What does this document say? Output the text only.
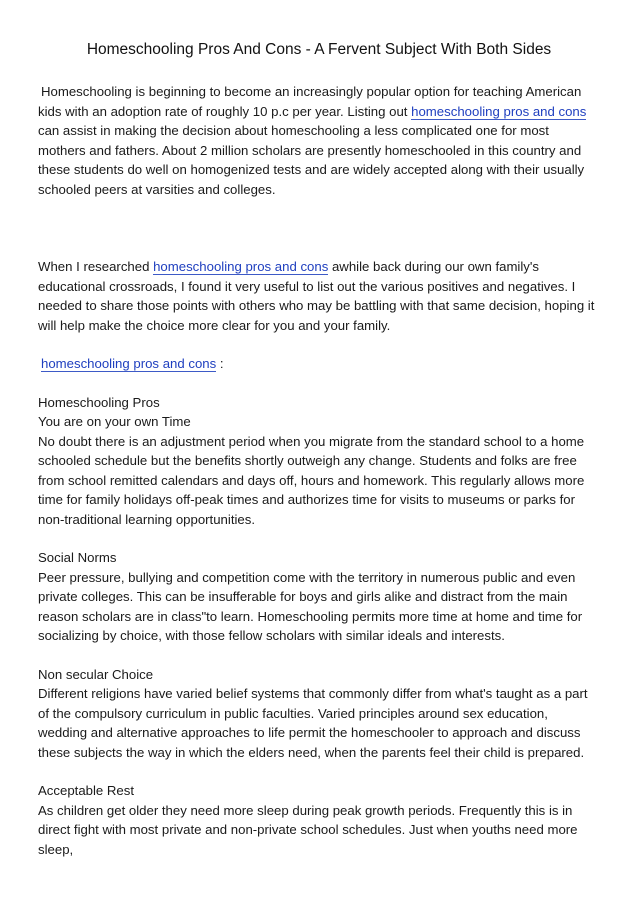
Homeschooling Pros And Cons - A Fervent Subject With Both Sides

Homeschooling is beginning to become an increasingly popular option for teaching American kids with an adoption rate of roughly 10 p.c per year. Listing out homeschooling pros and cons can assist in making the decision about homeschooling a less complicated one for most mothers and fathers. About 2 million scholars are presently homeschooled in this country and these students do well on homogenized tests and are widely accepted along with their usually schooled peers at varsities and colleges.

When I researched homeschooling pros and cons awhile back during our own family's educational crossroads, I found it very useful to list out the various positives and negatives. I needed to share those points with others who may be battling with that same decision, hoping it will help make the choice more clear for you and your family.

homeschooling pros and cons :

Homeschooling Pros
You are on your own Time
No doubt there is an adjustment period when you migrate from the standard school to a home schooled schedule but the benefits shortly outweigh any change. Students and folks are free from school remitted calendars and days off, hours and homework. This regularly allows more time for family holidays off-peak times and authorizes time for visits to museums or parks for non-traditional learning opportunities.

Social Norms
Peer pressure, bullying and competition come with the territory in numerous public and even private colleges. This can be insufferable for boys and girls alike and distract from the main reason scholars are in class"to learn. Homeschooling permits more time at home and time for socializing by choice, with those fellow scholars with similar ideals and interests.

Non secular Choice
Different religions have varied belief systems that commonly differ from what's taught as a part of the compulsory curriculum in public faculties. Varied principles around sex education, wedding and alternative approaches to life permit the homeschooler to approach and discuss these subjects the way in which the elders need, when the parents feel their child is prepared.

Acceptable Rest
As children get older they need more sleep during peak growth periods. Frequently this is in direct fight with most private and non-private school schedules. Just when youths need more sleep,
